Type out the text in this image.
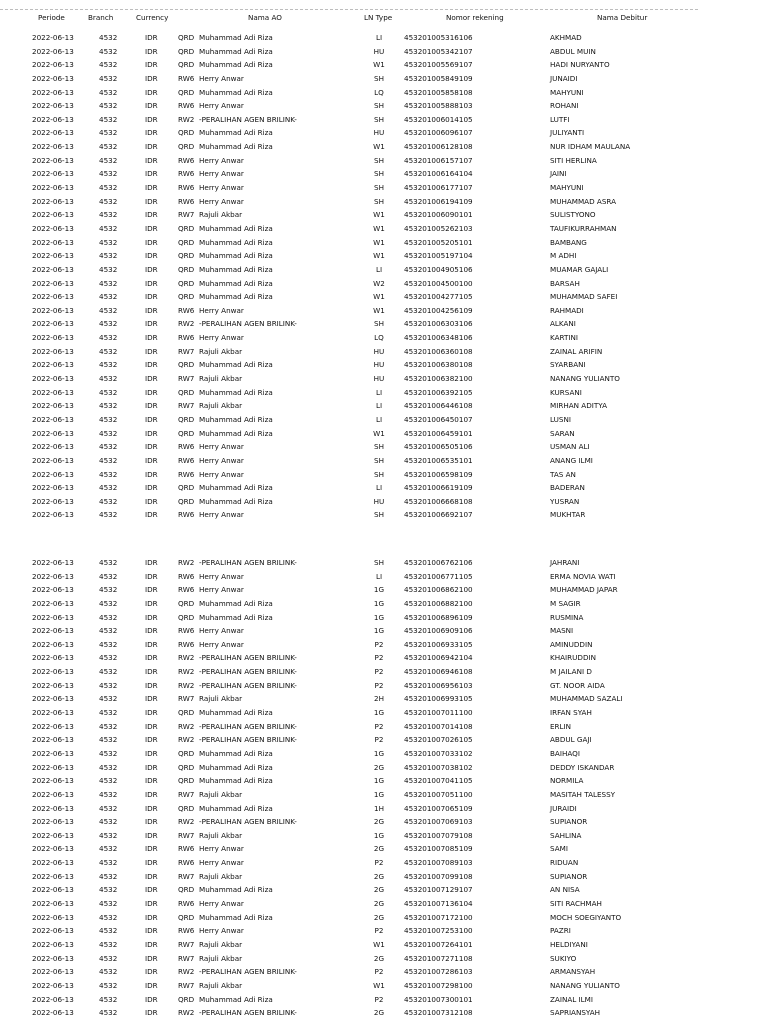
Periode	Branch	Currency	Nama AO	LN Type	Nomor rekening	Nama Debitur
2022-06-13	4532	IDR	QRD Muhammad Adi Riza	LI	453201005316106	AKHMAD
2022-06-13	4532	IDR	QRD Muhammad Adi Riza	HU	453201005342107	ABDUL MUIN
2022-06-13	4532	IDR	QRD Muhammad Adi Riza	W1	453201005569107	HADI NURYANTO
2022-06-13	4532	IDR	RW6 Herry Anwar	SH	453201005849109	JUNAIDI
2022-06-13	4532	IDR	QRD Muhammad Adi Riza	LQ	453201005858108	MAHYUNI
2022-06-13	4532	IDR	RW6 Herry Anwar	SH	453201005888103	ROHANI
2022-06-13	4532	IDR	RW2 -PERALIHAN AGEN BRILINK-	SH	453201006014105	LUTFI
2022-06-13	4532	IDR	QRD Muhammad Adi Riza	HU	453201006096107	JULIYANTI
2022-06-13	4532	IDR	QRD Muhammad Adi Riza	W1	453201006128108	NUR IDHAM MAULANA
2022-06-13	4532	IDR	RW6 Herry Anwar	SH	453201006157107	SITI HERLINA
2022-06-13	4532	IDR	RW6 Herry Anwar	SH	453201006164104	JAINI
2022-06-13	4532	IDR	RW6 Herry Anwar	SH	453201006177107	MAHYUNI
2022-06-13	4532	IDR	RW6 Herry Anwar	SH	453201006194109	MUHAMMAD ASRA
2022-06-13	4532	IDR	RW7 Rajuli Akbar	W1	453201006090101	SULISTYONO
2022-06-13	4532	IDR	QRD Muhammad Adi Riza	W1	453201005262103	TAUFIKURRAHMAN
2022-06-13	4532	IDR	QRD Muhammad Adi Riza	W1	453201005205101	BAMBANG
2022-06-13	4532	IDR	QRD Muhammad Adi Riza	W1	453201005197104	M ADHI
2022-06-13	4532	IDR	QRD Muhammad Adi Riza	LI	453201004905106	MUAMAR GAJALI
2022-06-13	4532	IDR	QRD Muhammad Adi Riza	W2	453201004500100	BARSAH
2022-06-13	4532	IDR	QRD Muhammad Adi Riza	W1	453201004277105	MUHAMMAD SAFEI
2022-06-13	4532	IDR	RW6 Herry Anwar	W1	453201004256109	RAHMADI
2022-06-13	4532	IDR	RW2 -PERALIHAN AGEN BRILINK-	SH	453201006303106	ALKANI
2022-06-13	4532	IDR	RW6 Herry Anwar	LQ	453201006348106	KARTINI
2022-06-13	4532	IDR	RW7 Rajuli Akbar	HU	453201006360108	ZAINAL ARIFIN
2022-06-13	4532	IDR	QRD Muhammad Adi Riza	HU	453201006380108	SYARBANI
2022-06-13	4532	IDR	RW7 Rajuli Akbar	HU	453201006382100	NANANG YULIANTO
2022-06-13	4532	IDR	QRD Muhammad Adi Riza	LI	453201006392105	KURSANI
2022-06-13	4532	IDR	RW7 Rajuli Akbar	LI	453201006446108	MIRHAN ADITYA
2022-06-13	4532	IDR	QRD Muhammad Adi Riza	LI	453201006450107	LUSNI
2022-06-13	4532	IDR	QRD Muhammad Adi Riza	W1	453201006459101	SARAN
2022-06-13	4532	IDR	RW6 Herry Anwar	SH	453201006505106	USMAN ALI
2022-06-13	4532	IDR	RW6 Herry Anwar	SH	453201006535101	ANANG ILMI
2022-06-13	4532	IDR	RW6 Herry Anwar	SH	453201006598109	TAS AN
2022-06-13	4532	IDR	QRD Muhammad Adi Riza	LI	453201006619109	BADERAN
2022-06-13	4532	IDR	QRD Muhammad Adi Riza	HU	453201006668108	YUSRAN
2022-06-13	4532	IDR	RW6 Herry Anwar	SH	453201006692107	MUKHTAR
2022-06-13	4532	IDR	RW2 -PERALIHAN AGEN BRILINK-	SH	453201006762106	JAHRANI
2022-06-13	4532	IDR	RW6 Herry Anwar	LI	453201006771105	ERMA NOVIA WATI
2022-06-13	4532	IDR	RW6 Herry Anwar	1G	453201006862100	MUHAMMAD JAPAR
2022-06-13	4532	IDR	QRD Muhammad Adi Riza	1G	453201006882100	M SAGIR
2022-06-13	4532	IDR	QRD Muhammad Adi Riza	1G	453201006896109	RUSMINA
2022-06-13	4532	IDR	RW6 Herry Anwar	1G	453201006909106	MASNI
2022-06-13	4532	IDR	RW6 Herry Anwar	P2	453201006933105	AMINUDDIN
2022-06-13	4532	IDR	RW2 -PERALIHAN AGEN BRILINK-	P2	453201006942104	KHAIRUDDIN
2022-06-13	4532	IDR	RW2 -PERALIHAN AGEN BRILINK-	P2	453201006946108	M JAILANI D
2022-06-13	4532	IDR	RW2 -PERALIHAN AGEN BRILINK-	P2	453201006956103	GT. NOOR AIDA
2022-06-13	4532	IDR	RW7 Rajuli Akbar	2H	453201006993105	MUHAMMAD SAZALI
2022-06-13	4532	IDR	QRD Muhammad Adi Riza	1G	453201007011100	IRFAN SYAH
2022-06-13	4532	IDR	RW2 -PERALIHAN AGEN BRILINK-	P2	453201007014108	ERLIN
2022-06-13	4532	IDR	RW2 -PERALIHAN AGEN BRILINK-	P2	453201007026105	ABDUL GAJI
2022-06-13	4532	IDR	QRD Muhammad Adi Riza	1G	453201007033102	BAIHAQI
2022-06-13	4532	IDR	QRD Muhammad Adi Riza	2G	453201007038102	DEDDY ISKANDAR
2022-06-13	4532	IDR	QRD Muhammad Adi Riza	1G	453201007041105	NORMILA
2022-06-13	4532	IDR	RW7 Rajuli Akbar	1G	453201007051100	MASITAH TALESSY
2022-06-13	4532	IDR	QRD Muhammad Adi Riza	1H	453201007065109	JURAIDI
2022-06-13	4532	IDR	RW2 -PERALIHAN AGEN BRILINK-	2G	453201007069103	SUPIANOR
2022-06-13	4532	IDR	RW7 Rajuli Akbar	1G	453201007079108	SAHLINA
2022-06-13	4532	IDR	RW6 Herry Anwar	2G	453201007085109	SAMI
2022-06-13	4532	IDR	RW6 Herry Anwar	P2	453201007089103	RIDUAN
2022-06-13	4532	IDR	RW7 Rajuli Akbar	2G	453201007099108	SUPIANOR
2022-06-13	4532	IDR	QRD Muhammad Adi Riza	2G	453201007129107	AN NISA
2022-06-13	4532	IDR	RW6 Herry Anwar	2G	453201007136104	SITI RACHMAH
2022-06-13	4532	IDR	QRD Muhammad Adi Riza	2G	453201007172100	MOCH SOEGIYANTO
2022-06-13	4532	IDR	RW6 Herry Anwar	P2	453201007253100	PAZRI
2022-06-13	4532	IDR	RW7 Rajuli Akbar	W1	453201007264101	HELDIYANI
2022-06-13	4532	IDR	RW7 Rajuli Akbar	2G	453201007271108	SUKIYO
2022-06-13	4532	IDR	RW2 -PERALIHAN AGEN BRILINK-	P2	453201007286103	ARMANSYAH
2022-06-13	4532	IDR	RW7 Rajuli Akbar	W1	453201007298100	NANANG YULIANTO
2022-06-13	4532	IDR	QRD Muhammad Adi Riza	P2	453201007300101	ZAINAL ILMI
2022-06-13	4532	IDR	RW2 -PERALIHAN AGEN BRILINK-	2G	453201007312108	SAPRIANSYAH
